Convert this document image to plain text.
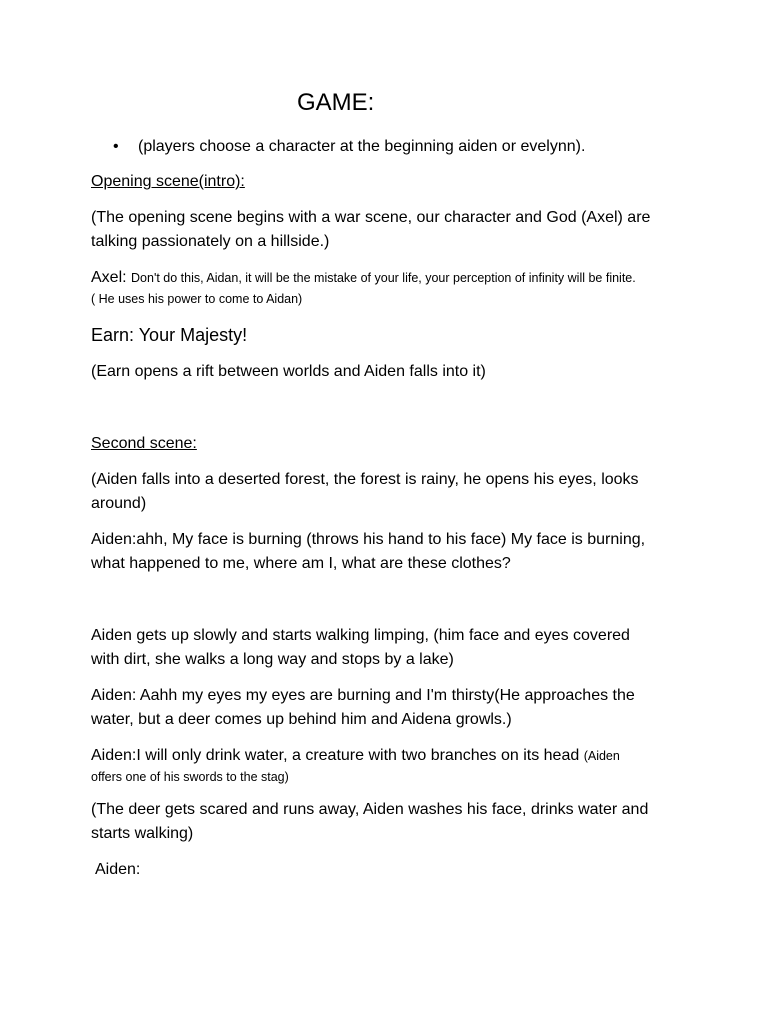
GAME:
• (players choose a character at the beginning aiden or evelynn).
Opening scene(intro):
(The opening scene begins with a war scene, our character and God (Axel) are
talking passionately on a hillside.)
Axel: Don't do this, Aidan, it will be the mistake of your life, your perception of infinity will be finite.
( He uses his power to come to Aidan)
Earn: Your Majesty!
(Earn opens a rift between worlds and Aiden falls into it)
Second scene:
(Aiden falls into a deserted forest, the forest is rainy, he opens his eyes, looks
around)
Aiden:ahh, My face is burning (throws his hand to his face) My face is burning,
what happened to me, where am I, what are these clothes?
Aiden gets up slowly and starts walking limping, (him face and eyes covered
with dirt, she walks a long way and stops by a lake)
Aiden: Aahh my eyes my eyes are burning and I'm thirsty(He approaches the
water, but a deer comes up behind him and Aidena growls.)
Aiden:I will only drink water, a creature with two branches on its head (Aiden
offers one of his swords to the stag)
(The deer gets scared and runs away, Aiden washes his face, drinks water and
starts walking)
Aiden:
